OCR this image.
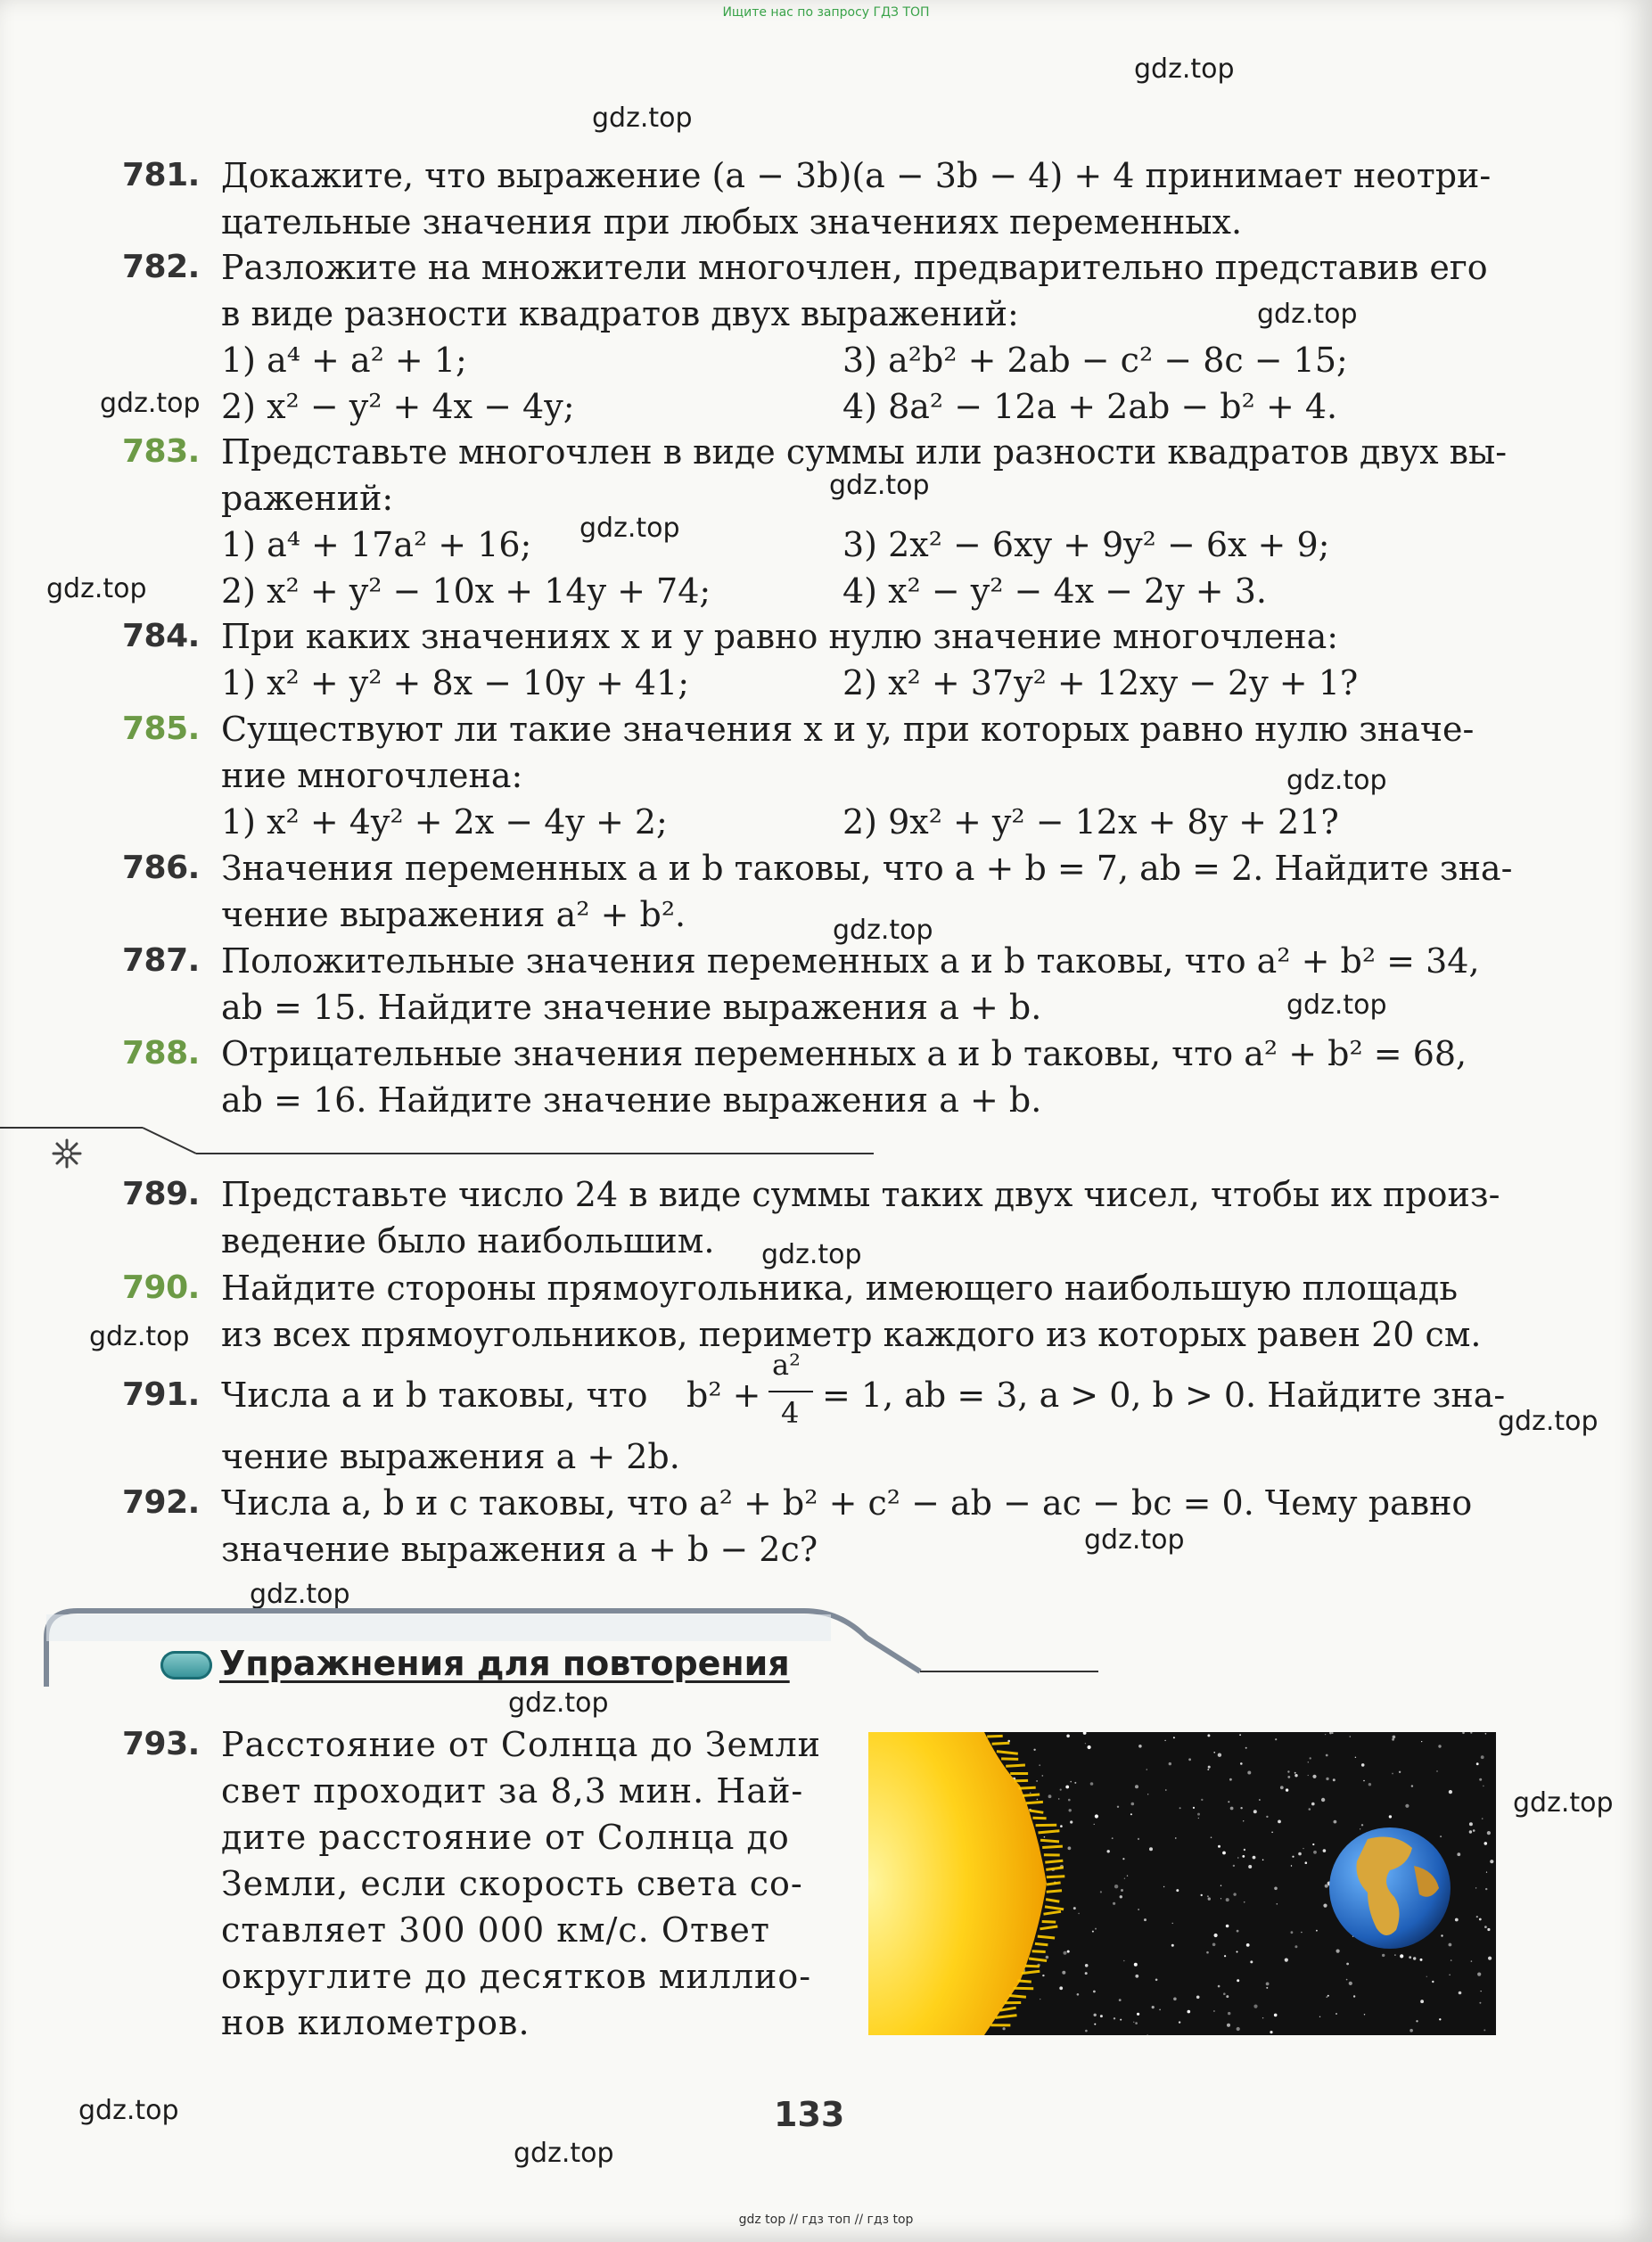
Ищите нас по запросу ГДЗ ТОП
gdz.top
gdz.top
gdz.top
gdz.top
gdz.top
gdz.top
gdz.top
gdz.top
gdz.top
gdz.top
gdz.top
gdz.top
gdz.top
gdz.top
gdz.top
gdz.top
gdz.top
gdz.top
gdz.top
781. Докажите, что выражение (a − 3b)(a − 3b − 4) + 4 принимает неотри-
цательные значения при любых значениях переменных.
782. Разложите на множители многочлен, предварительно представив его
в виде разности квадратов двух выражений:
1) a⁴ + a² + 1;	3) a²b² + 2ab − c² − 8c − 15;
2) x² − y² + 4x − 4y;	4) 8a² − 12a + 2ab − b² + 4.
783. Представьте многочлен в виде суммы или разности квадратов двух вы-
ражений:
1) a⁴ + 17a² + 16;	3) 2x² − 6xy + 9y² − 6x + 9;
2) x² + y² − 10x + 14y + 74;	4) x² − y² − 4x − 2y + 3.
784. При каких значениях x и y равно нулю значение многочлена:
1) x² + y² + 8x − 10y + 41;	2) x² + 37y² + 12xy − 2y + 1?
785. Существуют ли такие значения x и y, при которых равно нулю значе-
ние многочлена:
1) x² + 4y² + 2x − 4y + 2;	2) 9x² + y² − 12x + 8y + 21?
786. Значения переменных a и b таковы, что a + b = 7, ab = 2. Найдите зна-
чение выражения a² + b².
787. Положительные значения переменных a и b таковы, что a² + b² = 34,
ab = 15. Найдите значение выражения a + b.
788. Отрицательные значения переменных a и b таковы, что a² + b² = 68,
ab = 16. Найдите значение выражения a + b.
789. Представьте число 24 в виде суммы таких двух чисел, чтобы их произ-
ведение было наибольшим.
790. Найдите стороны прямоугольника, имеющего наибольшую площадь
из всех прямоугольников, периметр каждого из которых равен 20 см.
791. Числа a и b таковы, что b² +
a²
4 = 1, ab = 3, a > 0, b > 0. Найдите зна-
чение выражения a + 2b.
792. Числа a, b и c таковы, что a² + b² + c² − ab − ac − bc = 0. Чему равно
значение выражения a + b − 2c?
Упражнения для повторения
793. Расстояние от Солнца до Земли
свет проходит за 8,3 мин. Най-
дите расстояние от Солнца до
Земли, если скорость света со-
ставляет 300 000 км/с. Ответ
округлите до десятков миллио-
нов километров.
133
gdz top // гдз топ // гдз top
